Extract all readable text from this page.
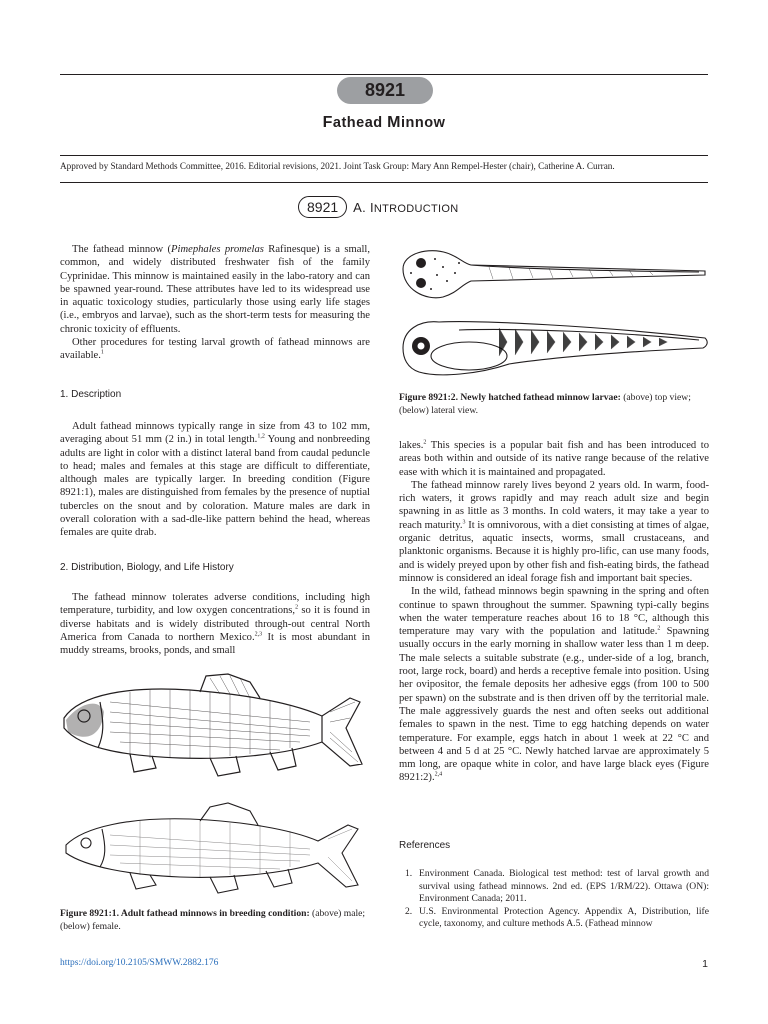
8921
Fathead Minnow
Approved by Standard Methods Committee, 2016. Editorial revisions, 2021. Joint Task Group: Mary Ann Rempel-Hester (chair), Catherine A. Curran.
8921 A. INTRODUCTION

The fathead minnow (Pimephales promelas Rafinesque) is a small, common, and widely distributed freshwater fish of the family Cyprinidae. This minnow is maintained easily in the labo-ratory and can be spawned year-round. These attributes have led to its widespread use in aquatic toxicology studies, particularly those using early life stages (i.e., embryos and larvae), such as the short-term tests for measuring the chronic toxicity of effluents.

Other procedures for testing larval growth of fathead minnows are available.$^1$

1. Description

Adult fathead minnows typically range in size from 43 to 102 mm, averaging about 51 mm (2 in.) in total length.$^{1,2}$ Young and nonbreeding adults are light in color with a distinct lateral band from caudal peduncle to head; males and females at this stage are difficult to differentiate, although males are typically larger. In breeding condition (Figure 8921:1), males are distinguished from females by the presence of nuptial tubercles on the snout and by coloration. Mature males are dark in overall coloration with a sad-dle-like pattern behind the head, whereas females are quite drab.

2. Distribution, Biology, and Life History

The fathead minnow tolerates adverse conditions, including high temperature, turbidity, and low oxygen concentrations,$^2$ so it is found in diverse habitats and is widely distributed through-out central North America from Canada to northern Mexico.$^{2,3}$ It is most abundant in muddy streams, brooks, ponds, and small

Figure 8921:1. Adult fathead minnows in breeding condition: (above) male; (below) female.
Figure 8921:2. Newly hatched fathead minnow larvae: (above) top view; (below) lateral view.

lakes.$^2$ This species is a popular bait fish and has been introduced to areas both within and outside of its native range because of the relative ease with which it is maintained and propagated.

The fathead minnow rarely lives beyond 2 years old. In warm, food-rich waters, it grows rapidly and may reach adult size and begin spawning in as little as 3 months. In cold waters, it may take a year to reach maturity.$^3$ It is omnivorous, with a diet consisting at times of algae, organic detritus, aquatic insects, worms, small crustaceans, and planktonic organisms. Because it is highly pro-lific, can use many foods, and is widely preyed upon by other fish and fish-eating birds, the fathead minnow is considered an ideal forage fish and important bait species.

In the wild, fathead minnows begin spawning in the spring and often continue to spawn throughout the summer. Spawning typi-cally begins when the water temperature reaches about 16 to 18 °C, although this temperature may vary with the population and latitude.$^2$ Spawning usually occurs in the early morning in shallow water less than 1 m deep. The male selects a suitable substrate (e.g., under-side of a log, branch, root, large rock, board) and herds a receptive female into position. Using her ovipositor, the female deposits her adhesive eggs (from 100 to 500 per spawn) on the substrate and is then driven off by the territorial male. The male aggressively guards the nest and often seeks out additional females to spawn in the nest. Time to egg hatching depends on water temperature. For example, eggs hatch in about 1 week at 22 °C and between 4 and 5 d at 25 °C. Newly hatched larvae are approximately 5 mm long, are opaque white in color, and have large black eyes (Figure 8921:2).$^{2,4}$

References
1. Environment Canada. Biological test method: test of larval growth and survival using fathead minnows. 2nd ed. (EPS 1/RM/22). Ottawa (ON): Environment Canada; 2011.
2. U.S. Environmental Protection Agency. Appendix A, Distribution, life cycle, taxonomy, and culture methods A.5. (Fathead minnow
https://doi.org/10.2105/SMWW.2882.176	1
